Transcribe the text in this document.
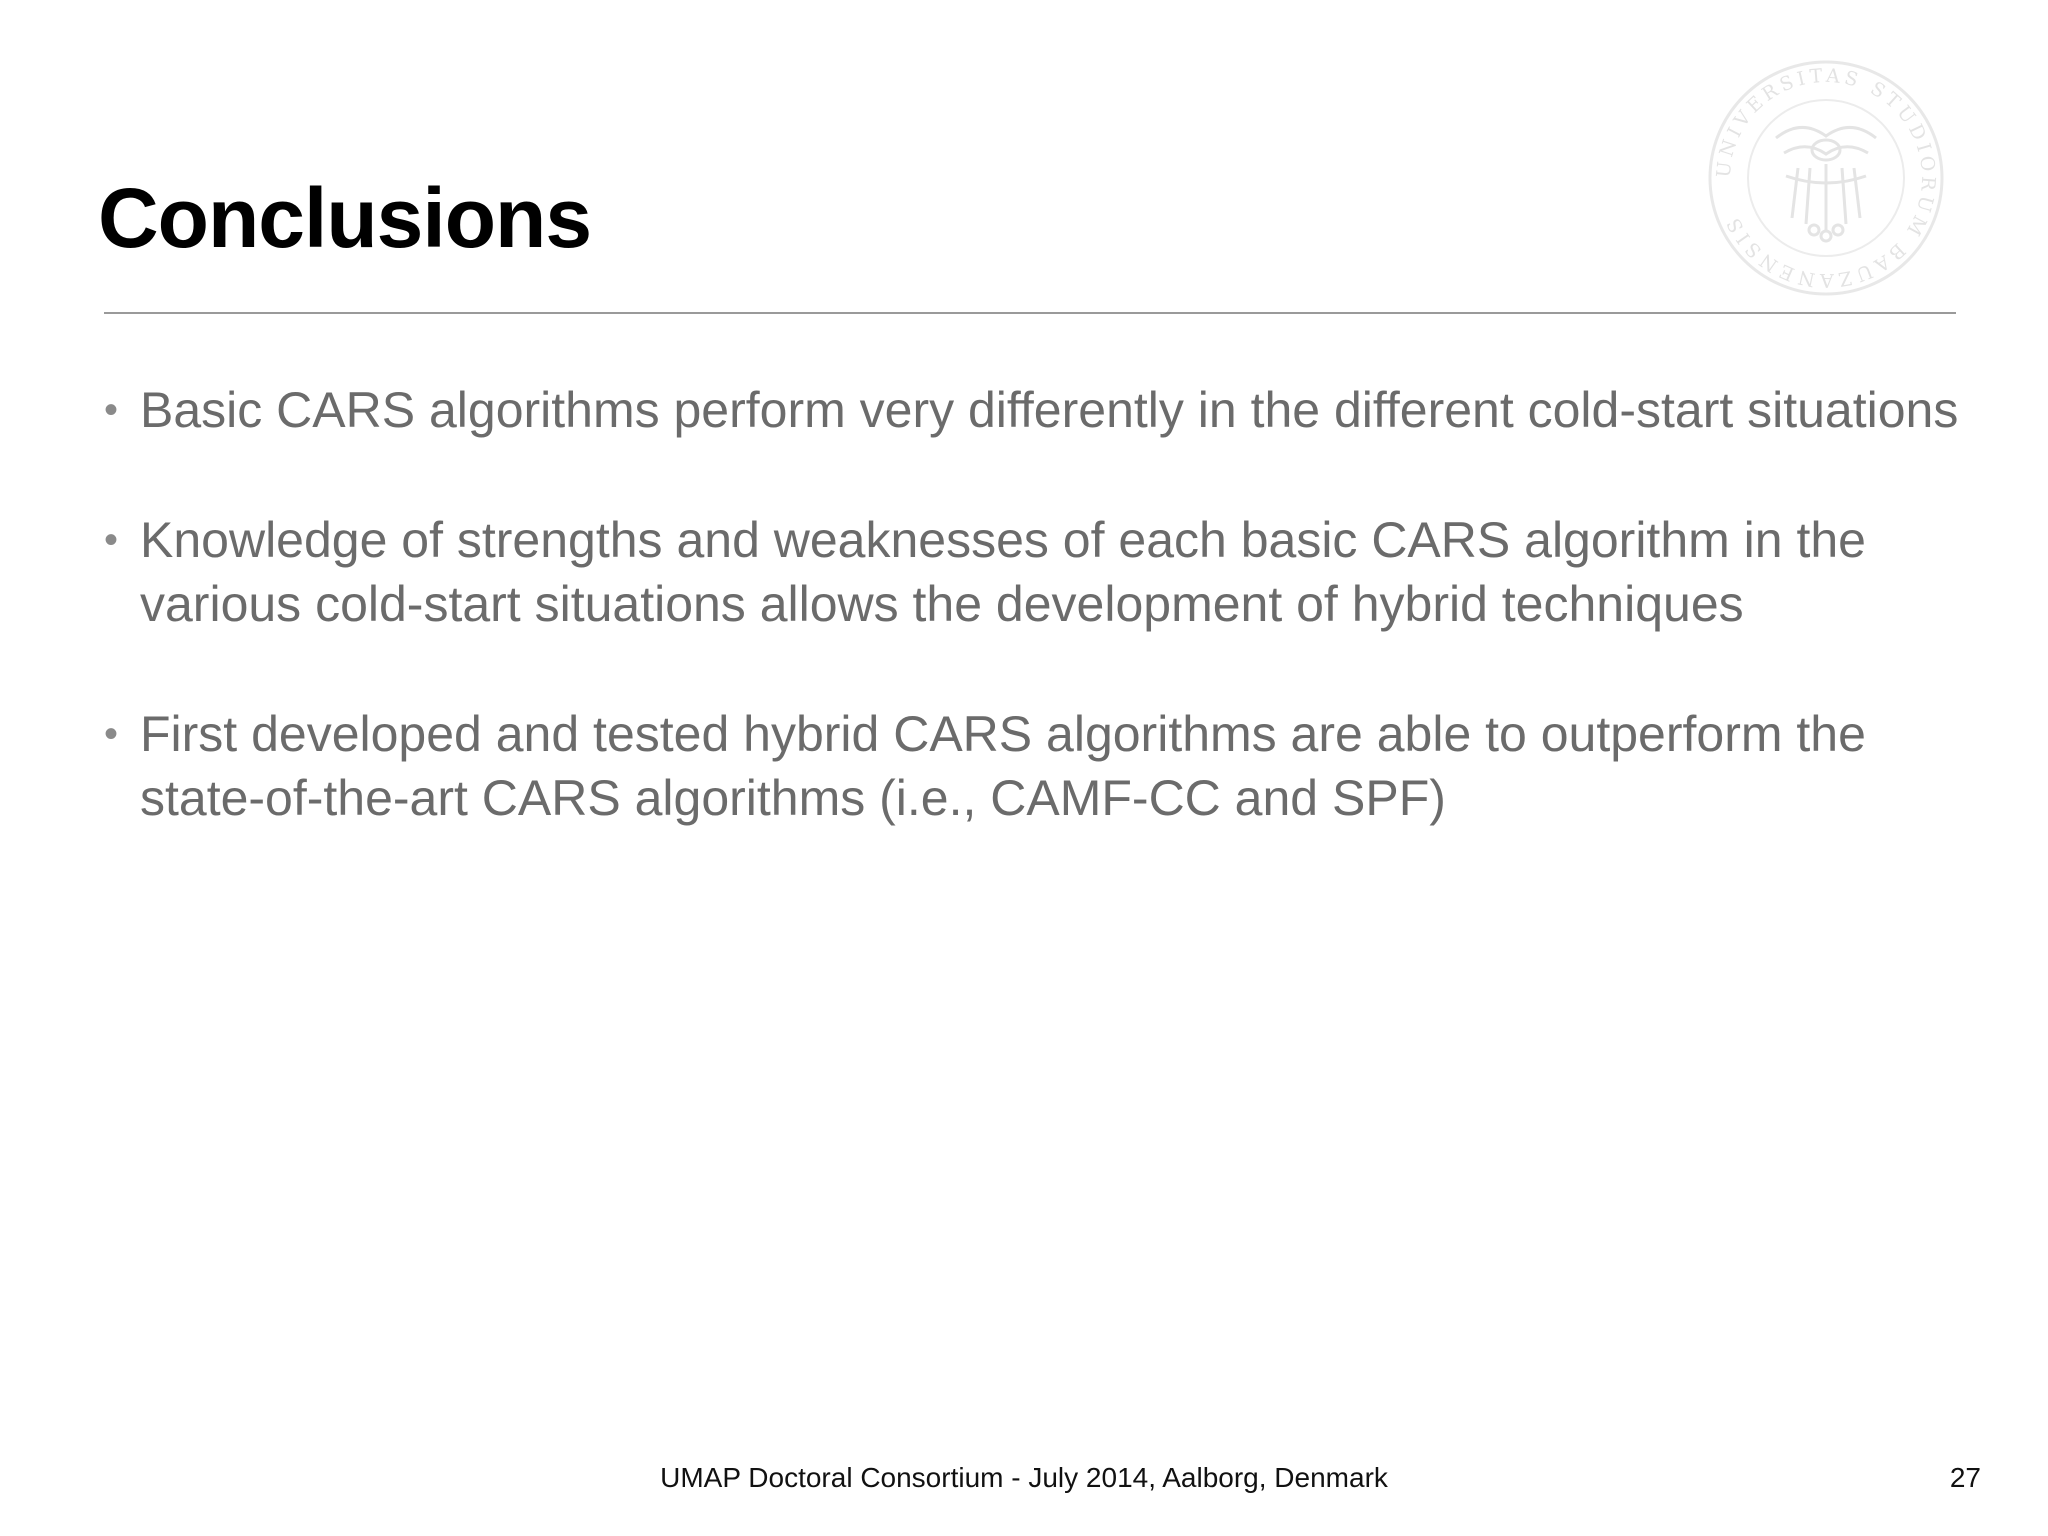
Conclusions
UNIVERSITAS STUDIORUM BAUZANENSIS
• Basic CARS algorithms perform very differently in the different cold-start situations
• Knowledge of strengths and weaknesses of each basic CARS algorithm in the various cold-start situations allows the development of hybrid techniques
• First developed and tested hybrid CARS algorithms are able to outperform the state-of-the-art CARS algorithms (i.e., CAMF-CC and SPF)
UMAP Doctoral Consortium - July 2014, Aalborg, Denmark	27
